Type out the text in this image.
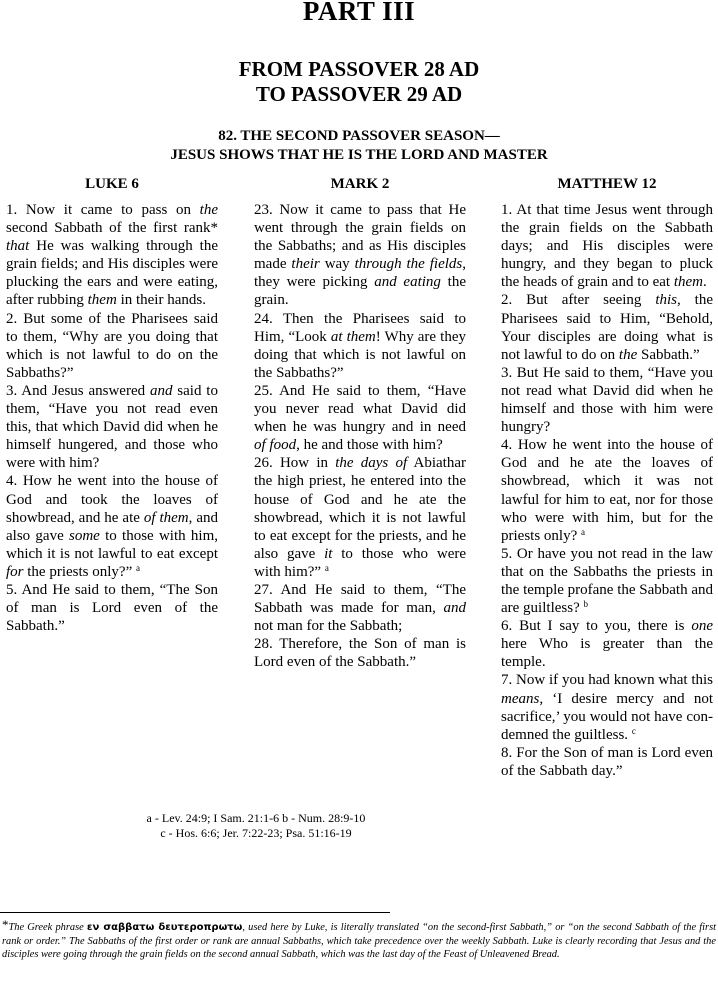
PART III
FROM PASSOVER 28 AD
TO PASSOVER 29 AD
82. THE SECOND PASSOVER SEASON—
JESUS SHOWS THAT HE IS THE LORD AND MASTER
LUKE 6	MARK 2	MATTHEW 12

1. Now it came to pass on the second Sabbath of the first rank* that He was walking through the grain fields; and His disciples were plucking the ears and were eating, after rubbing them in their hands.

2. But some of the Pharisees said to them, “Why are you doing that which is not lawful to do on the Sabbaths?”

3. And Jesus answered and said to them, “Have you not read even this, that which David did when he himself hungered, and those who were with him?

4. How he went into the house of God and took the loaves of showbread, and he ate of them, and also gave some to those with him, which it is not lawful to eat except for the priests only?” $^a$

5. And He said to them, “The Son of man is Lord even of the Sabbath.”

23. Now it came to pass that He went through the grain fields on the Sabbaths; and as His disciples made their way through the fields, they were picking and eating the grain.

24. Then the Pharisees said to Him, “Look at them! Why are they doing that which is not lawful on the Sabbaths?”

25. And He said to them, “Have you never read what David did when he was hungry and in need of food, he and those with him?

26. How in the days of Abiathar the high priest, he entered into the house of God and he ate the showbread, which it is not lawful to eat except for the priests, and he also gave it to those who were with him?” $^a$

27. And He said to them, “The Sabbath was made for man, and not man for the Sabbath;

28. Therefore, the Son of man is Lord even of the Sabbath.”

1. At that time Jesus went through the grain fields on the Sabbath days; and His disciples were hungry, and they began to pluck the heads of grain and to eat them.

2. But after seeing this, the Pharisees said to Him, “Behold, Your disciples are doing what is not lawful to do on the Sabbath.”

3. But He said to them, “Have you not read what David did when he himself and those with him were hungry?

4. How he went into the house of God and he ate the loaves of showbread, which it was not lawful for him to eat, nor for those who were with him, but for the priests only? $^a$

5. Or have you not read in the law that on the Sabbaths the priests in the temple profane the Sabbath and are guiltless? $^b$

6. But I say to you, there is one here Who is greater than the temple.

7. Now if you had known what this means, ‘I desire mercy and not sacrifice,’ you would not have condemned the guiltless. $^c$

8. For the Son of man is Lord even of the Sabbath day.”

a - Lev. 24:9; I Sam. 21:1-6 b - Num. 28:9-10
c - Hos. 6:6; Jer. 7:22-23; Psa. 51:16-19
*The Greek phrase εν σαββατω δευτεροπρωτω, used here by Luke, is literally translated “on the second-first Sabbath,” or “on the second Sabbath of the first rank or order.” The Sabbaths of the first order or rank are annual Sabbaths, which take precedence over the weekly Sabbath. Luke is clearly recording that Jesus and the disciples were going through the grain fields on the second annual Sabbath, which was the last day of the Feast of Unleavened Bread.
